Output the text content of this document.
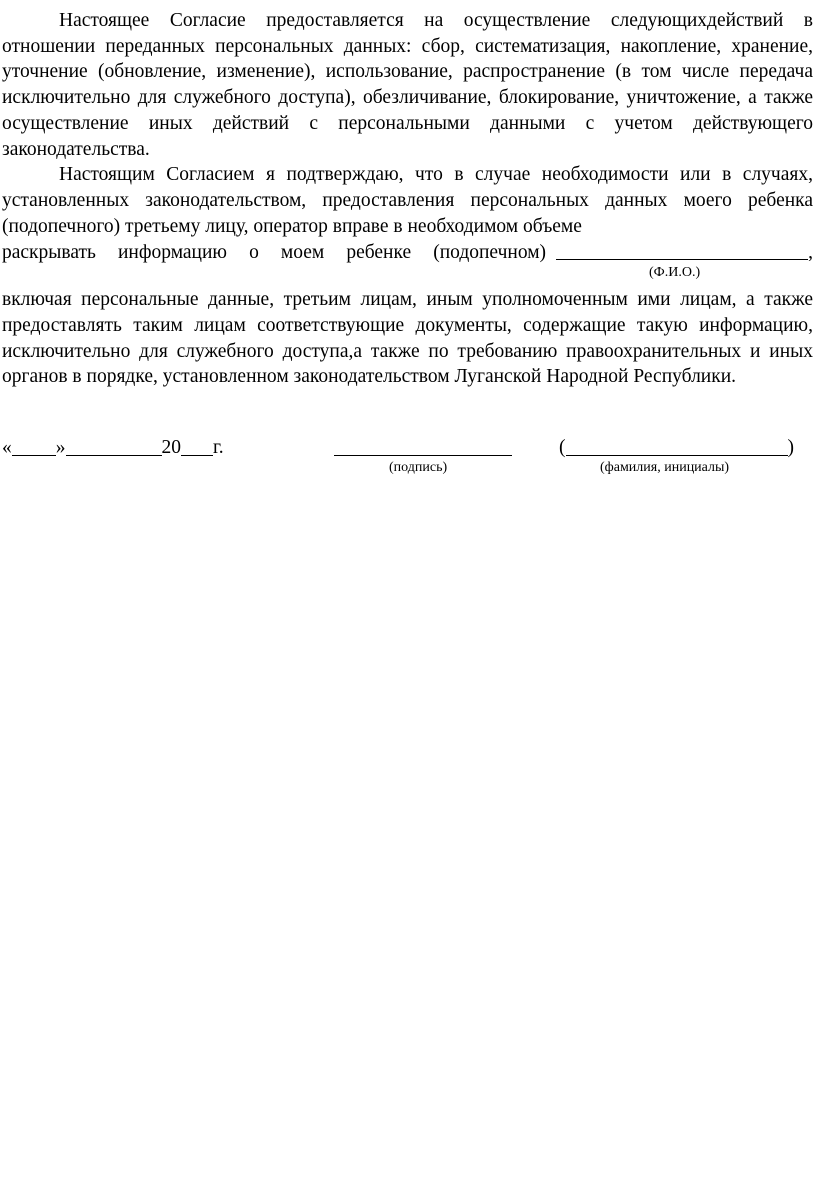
Настоящее Согласие предоставляется на осуществление следующихдействий в отношении переданных персональных данных: сбор, систематизация, накопление, хранение, уточнение (обновление, изменение), использование, распространение (в том числе передача исключительно для служебного доступа), обезличивание, блокирование, уничтожение, а также осуществление иных действий с персональными данными с учетом действующего законодательства.

Настоящим Согласием я подтверждаю, что в случае необходимости или в случаях, установленных законодательством, предоставления персональных данных моего ребенка (подопечного) третьему лицу, оператор вправе в необходимом объеме

раскрывать информацию о моем ребенке (подопечном)	,
(Ф.И.О.)

включая персональные данные, третьим лицам, иным уполномоченным ими лицам, а также предоставлять таким лицам соответствующие документы, содержащие такую информацию, исключительно для служебного доступа,а также по требованию правоохранительных и иных органов в порядке, установленном законодательством Луганской Народной Республики.

« »	20 г.	(	)
(подпись)	(фамилия, инициалы)
